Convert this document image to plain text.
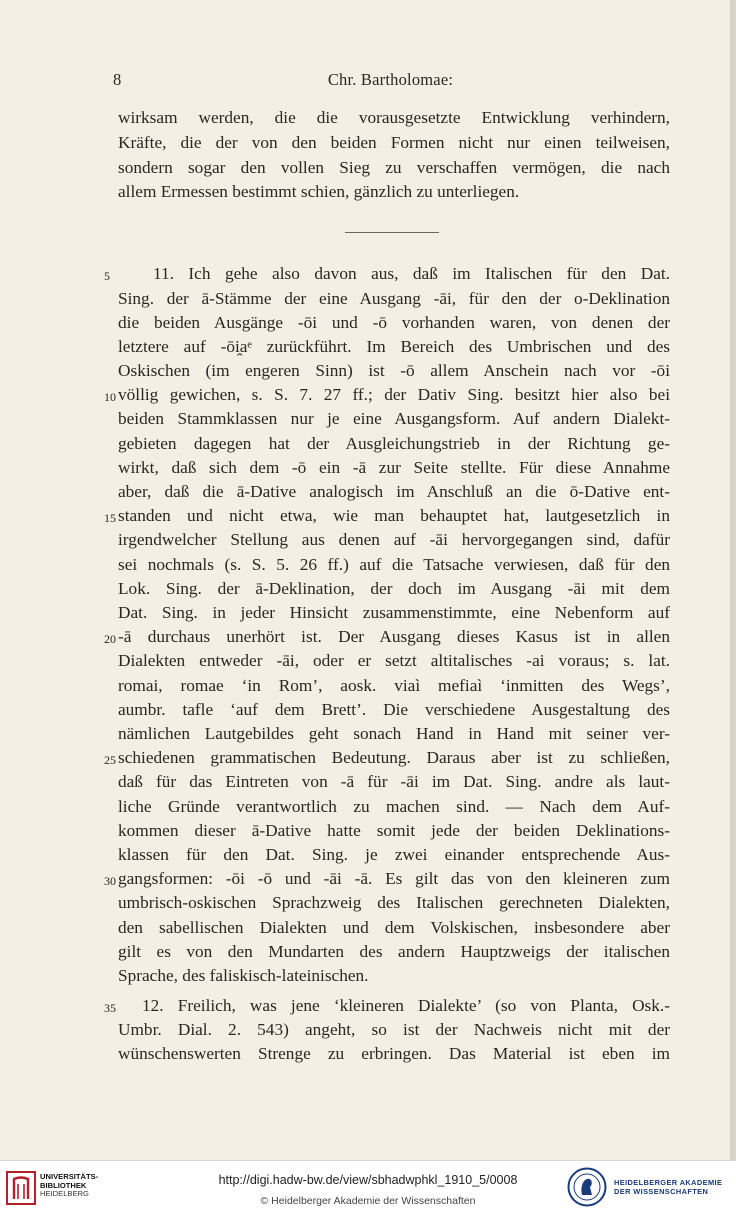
8	Chr. Bartholomae:
wirksam werden, die die vorausgesetzte Entwicklung verhindern,
Kräfte, die der von den beiden Formen nicht nur einen teilweisen,
sondern sogar den vollen Sieg zu verschaffen vermögen, die nach
allem Ermessen bestimmt schien, gänzlich zu unterliegen.
11. Ich gehe also davon aus, daß im Italischen für den Dat.
Sing. der ā-Stämme der eine Ausgang -āi, für den der o-Deklination
die beiden Ausgänge -ōi und -ō vorhanden waren, von denen der
letztere auf -ōi̯aᵉ zurückführt. Im Bereich des Umbrischen und des
Oskischen (im engeren Sinn) ist -ō allem Anschein nach vor -ōi
völlig gewichen, s. S. 7. 27 ff.; der Dativ Sing. besitzt hier also bei
beiden Stammklassen nur je eine Ausgangsform. Auf andern Dialekt-
gebieten dagegen hat der Ausgleichungstrieb in der Richtung ge-
wirkt, daß sich dem -ō ein -ā zur Seite stellte. Für diese Annahme
aber, daß die ā-Dative analogisch im Anschluß an die ō-Dative ent-
standen und nicht etwa, wie man behauptet hat, lautgesetzlich in
irgendwelcher Stellung aus denen auf -āi hervorgegangen sind, dafür
sei nochmals (s. S. 5. 26 ff.) auf die Tatsache verwiesen, daß für den
Lok. Sing. der ā-Deklination, der doch im Ausgang -āi mit dem
Dat. Sing. in jeder Hinsicht zusammenstimmte, eine Nebenform auf
-ā durchaus unerhört ist. Der Ausgang dieses Kasus ist in allen
Dialekten entweder -āi, oder er setzt altitalisches -ai voraus; s. lat.
romai, romae ‘in Rom’, aosk. viaì mefiaì ‘inmitten des Wegs’,
aumbr. tafle ‘auf dem Brett’. Die verschiedene Ausgestaltung des
nämlichen Lautgebildes geht sonach Hand in Hand mit seiner ver-
schiedenen grammatischen Bedeutung. Daraus aber ist zu schließen,
daß für das Eintreten von -ā für -āi im Dat. Sing. andre als laut-
liche Gründe verantwortlich zu machen sind. — Nach dem Auf-
kommen dieser ā-Dative hatte somit jede der beiden Deklinations-
klassen für den Dat. Sing. je zwei einander entsprechende Aus-
gangsformen: -ōi -ō und -āi -ā. Es gilt das von den kleineren zum
umbrisch-oskischen Sprachzweig des Italischen gerechneten Dialekten,
den sabellischen Dialekten und dem Volskischen, insbesondere aber
gilt es von den Mundarten des andern Hauptzweigs der italischen
Sprache, des faliskisch-lateinischen.
12. Freilich, was jene ‘kleineren Dialekte’ (so von Planta, Osk.-
Umbr. Dial. 2. 543) angeht, so ist der Nachweis nicht mit der
wünschenswerten Strenge zu erbringen. Das Material ist eben im
5
10
15
20
25
30
35
UNIVERSITÄTS-
BIBLIOTHEK
HEIDELBERG
http://digi.hadw-bw.de/view/sbhadwphkl_1910_5/0008
© Heidelberger Akademie der Wissenschaften
HEIDELBERGER AKADEMIE
DER WISSENSCHAFTEN
